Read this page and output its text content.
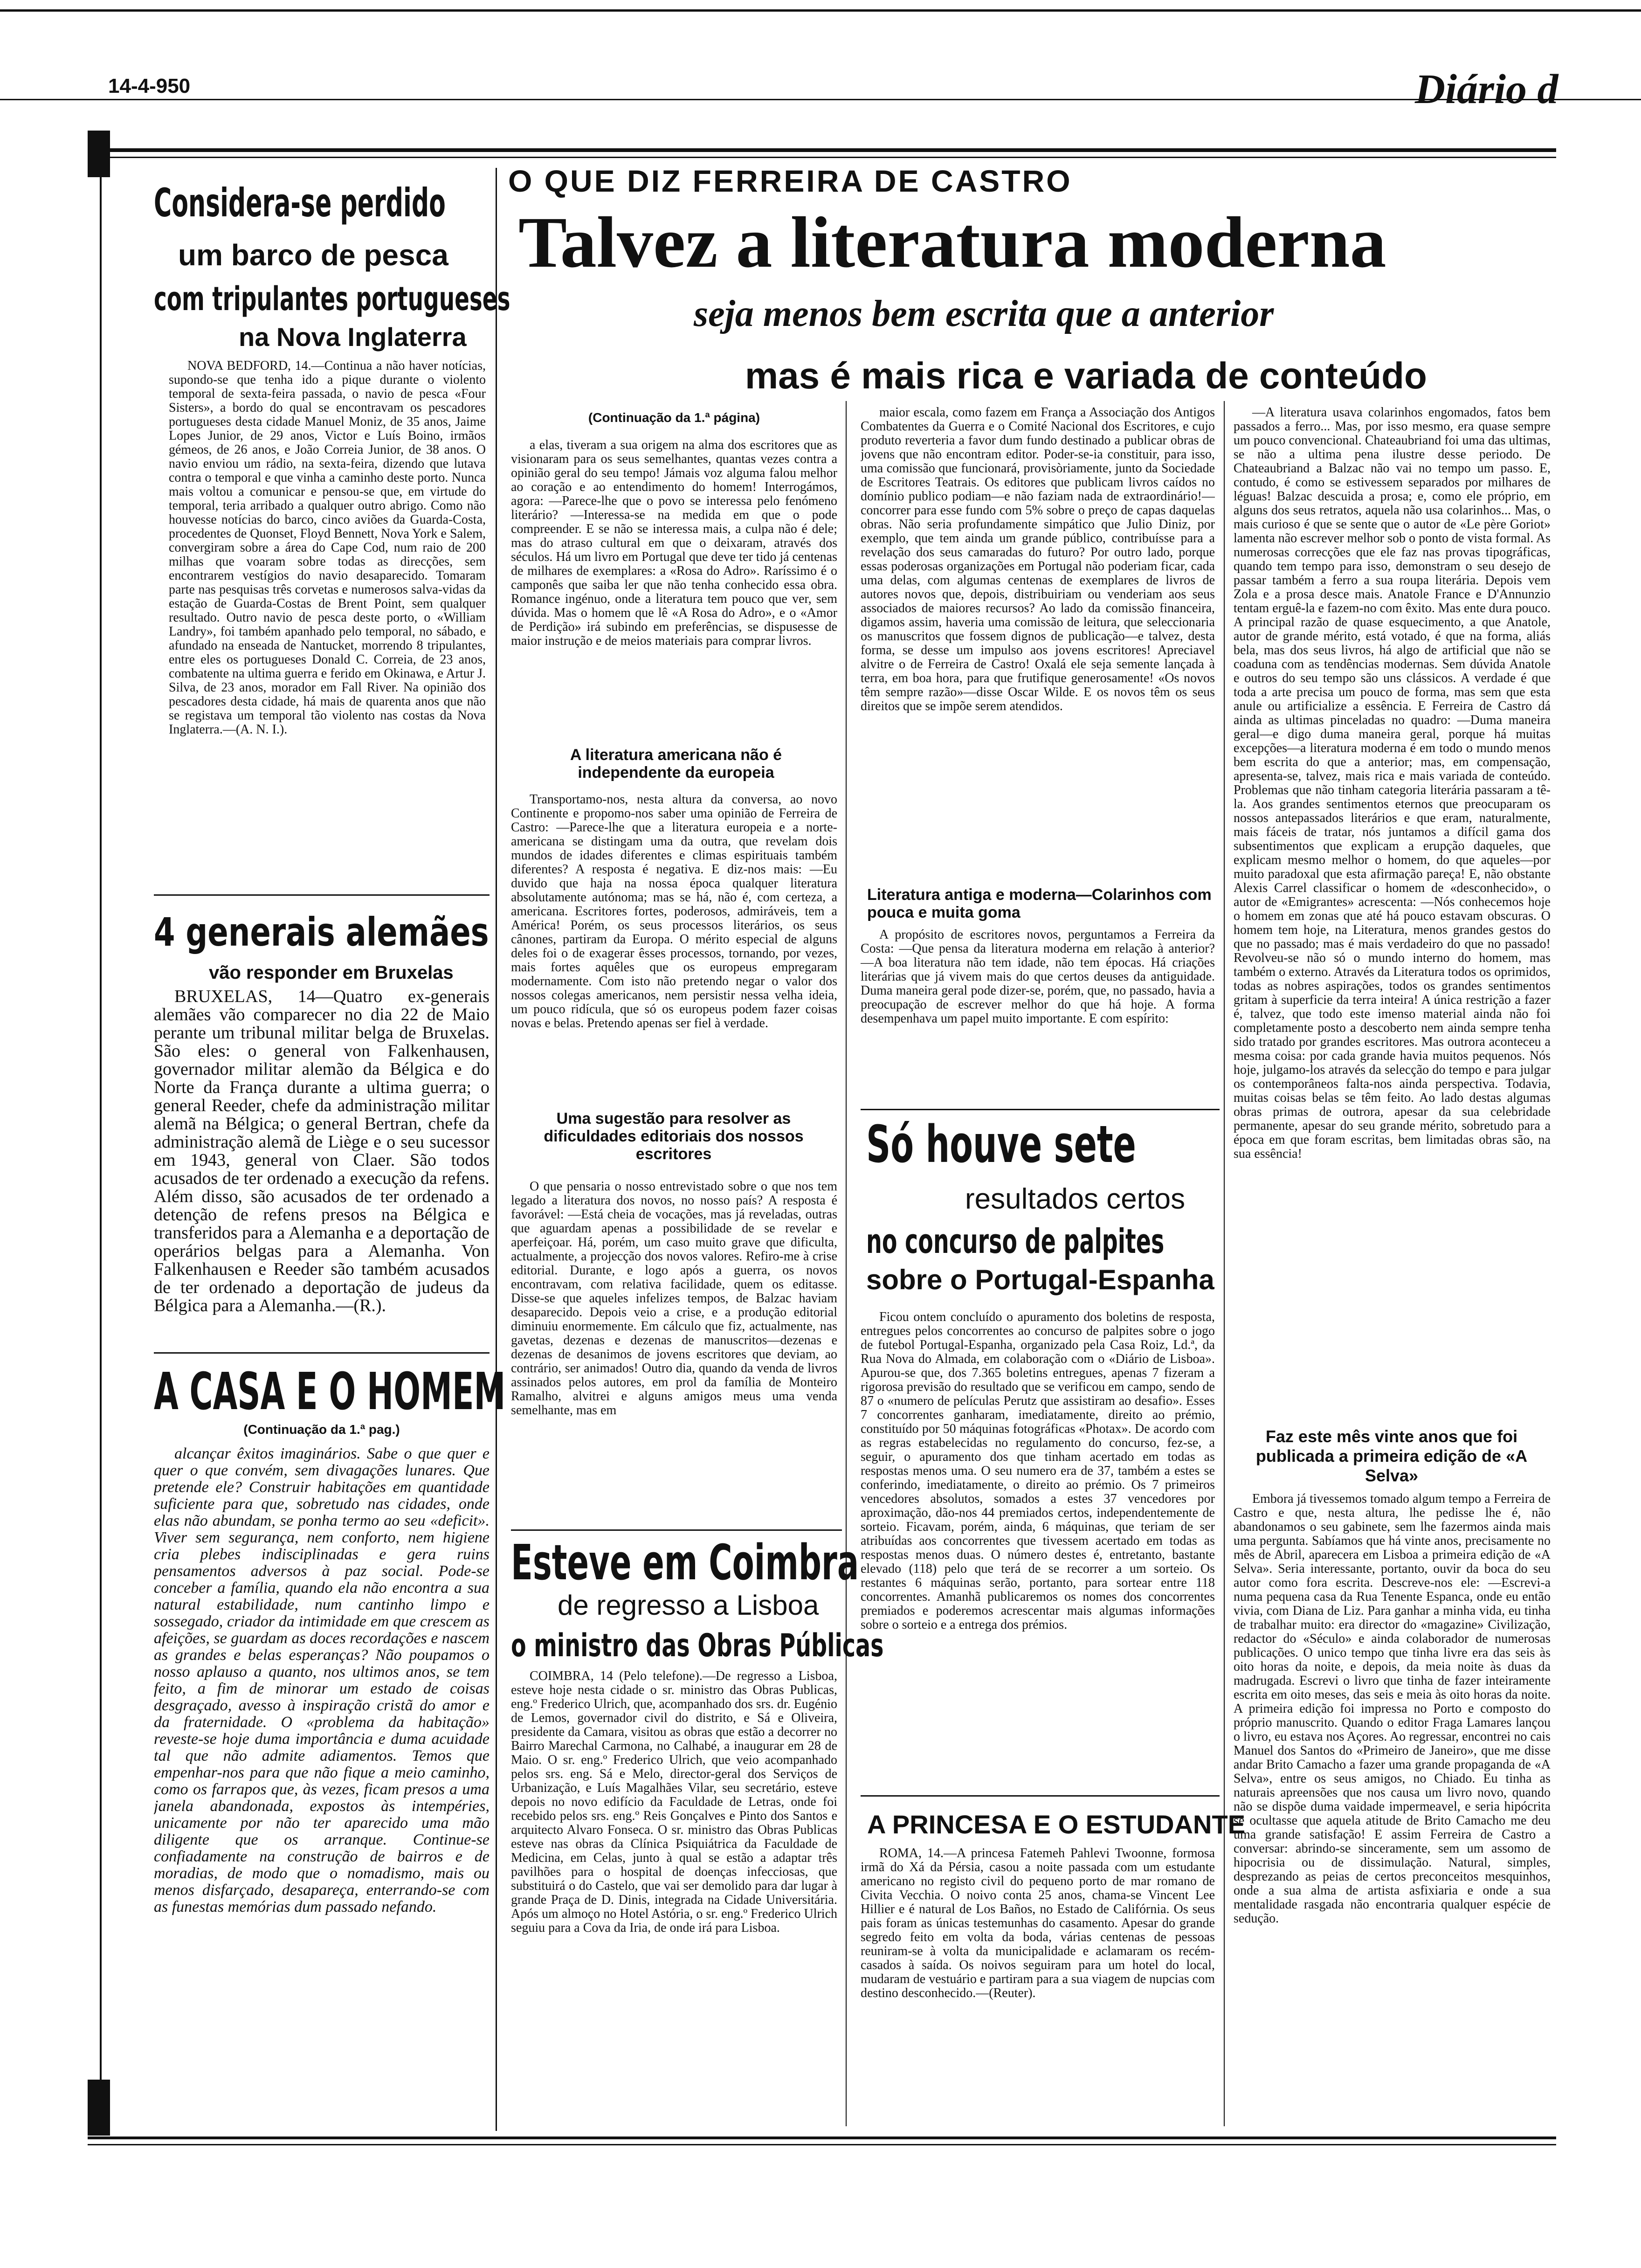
14-4-950	Diário d
O QUE DIZ FERREIRA DE CASTRO
Considera-se perdido
um barco de pesca
com tripulantes portugueses
na Nova Inglaterra

NOVA BEDFORD, 14.—Continua a não haver notícias, supondo-se que tenha ido a pique durante o violento temporal de sexta-feira passada, o navio de pesca «Four Sisters», a bordo do qual se encontravam os pescadores portugueses desta cidade Manuel Moniz, de 35 anos, Jaime Lopes Junior, de 29 anos, Victor e Luís Boino, irmãos gémeos, de 26 anos, e João Correia Junior, de 38 anos. O navio enviou um rádio, na sexta-feira, dizendo que lutava contra o temporal e que vinha a caminho deste porto. Nunca mais voltou a comunicar e pensou-se que, em virtude do temporal, teria arribado a qualquer outro abrigo. Como não houvesse notícias do barco, cinco aviões da Guarda-Costa, procedentes de Quonset, Floyd Bennett, Nova York e Salem, convergiram sobre a área do Cape Cod, num raio de 200 milhas que voaram sobre todas as direcções, sem encontrarem vestígios do navio desaparecido. Tomaram parte nas pesquisas três corvetas e numerosos salva-vidas da estação de Guarda-Costas de Brent Point, sem qualquer resultado. Outro navio de pesca deste porto, o «William Landry», foi também apanhado pelo temporal, no sábado, e afundado na enseada de Nantucket, morrendo 8 tripulantes, entre eles os portugueses Donald C. Correia, de 23 anos, combatente na ultima guerra e ferido em Okinawa, e Artur J. Silva, de 23 anos, morador em Fall River. Na opinião dos pescadores desta cidade, há mais de quarenta anos que não se registava um temporal tão violento nas costas da Nova Inglaterra.—(A. N. I.).

4 generais alemães
vão responder em Bruxelas

BRUXELAS, 14—Quatro ex-generais alemães vão comparecer no dia 22 de Maio perante um tribunal militar belga de Bruxelas. São eles: o general von Falkenhausen, governador militar alemão da Bélgica e do Norte da França durante a ultima guerra; o general Reeder, chefe da administração militar alemã na Bélgica; o general Bertran, chefe da administração alemã de Liège e o seu sucessor em 1943, general von Claer. São todos acusados de ter ordenado a execução da refens. Além disso, são acusados de ter ordenado a detenção de refens presos na Bélgica e transferidos para a Alemanha e a deportação de operários belgas para a Alemanha. Von Falkenhausen e Reeder são também acusados de ter ordenado a deportação de judeus da Bélgica para a Alemanha.—(R.).

A CASA E O HOMEM
(Continuação da 1.ª pag.)

alcançar êxitos imaginários. Sabe o que quer e quer o que convém, sem divagações lunares. Que pretende ele? Construir habitações em quantidade suficiente para que, sobretudo nas cidades, onde elas não abundam, se ponha termo ao seu «deficit». Viver sem segurança, nem conforto, nem higiene cria plebes indisciplinadas e gera ruins pensamentos adversos à paz social. Pode-se conceber a família, quando ela não encontra a sua natural estabilidade, num cantinho limpo e sossegado, criador da intimidade em que crescem as afeições, se guardam as doces recordações e nascem as grandes e belas esperanças? Não poupamos o nosso aplauso a quanto, nos ultimos anos, se tem feito, a fim de minorar um estado de coisas desgraçado, avesso à inspiração cristã do amor e da fraternidade. O «problema da habitação» reveste-se hoje duma importância e duma acuidade tal que não admite adiamentos. Temos que empenhar-nos para que não fique a meio caminho, como os farrapos que, às vezes, ficam presos a uma janela abandonada, expostos às intempéries, unicamente por não ter aparecido uma mão diligente que os arranque. Continue-se confiadamente na construção de bairros e de moradias, de modo que o nomadismo, mais ou menos disfarçado, desapareça, enterrando-se com as funestas memórias dum passado nefando.

Talvez a literatura moderna
seja menos bem escrita que a anterior
mas é mais rica e variada de conteúdo
(Continuação da 1.ª página)

a elas, tiveram a sua origem na alma dos escritores que as visionaram para os seus semelhantes, quantas vezes contra a opinião geral do seu tempo! Jámais voz alguma falou melhor ao coração e ao entendimento do homem! Interrogámos, agora: —Parece-lhe que o povo se interessa pelo fenómeno literário? —Interessa-se na medida em que o pode compreender. E se não se interessa mais, a culpa não é dele; mas do atraso cultural em que o deixaram, através dos séculos. Há um livro em Portugal que deve ter tido já centenas de milhares de exemplares: a «Rosa do Adro». Raríssimo é o camponês que saiba ler que não tenha conhecido essa obra. Romance ingénuo, onde a literatura tem pouco que ver, sem dúvida. Mas o homem que lê «A Rosa do Adro», e o «Amor de Perdição» irá subindo em preferências, se dispusesse de maior instrução e de meios materiais para comprar livros.

A literatura americana não é independente da europeia

Transportamo-nos, nesta altura da conversa, ao novo Continente e propomo-nos saber uma opinião de Ferreira de Castro: —Parece-lhe que a literatura europeia e a norte-americana se distingam uma da outra, que revelam dois mundos de idades diferentes e climas espirituais também diferentes? A resposta é negativa. E diz-nos mais: —Eu duvido que haja na nossa época qualquer literatura absolutamente autónoma; mas se há, não é, com certeza, a americana. Escritores fortes, poderosos, admiráveis, tem a América! Porém, os seus processos literários, os seus cânones, partiram da Europa. O mérito especial de alguns deles foi o de exagerar êsses processos, tornando, por vezes, mais fortes aquêles que os europeus empregaram modernamente. Com isto não pretendo negar o valor dos nossos colegas americanos, nem persistir nessa velha ideia, um pouco ridícula, que só os europeus podem fazer coisas novas e belas. Pretendo apenas ser fiel à verdade.

Uma sugestão para resolver as dificuldades editoriais dos nossos escritores

O que pensaria o nosso entrevistado sobre o que nos tem legado a literatura dos novos, no nosso país? A resposta é favorável: —Está cheia de vocações, mas já reveladas, outras que aguardam apenas a possibilidade de se revelar e aperfeiçoar. Há, porém, um caso muito grave que dificulta, actualmente, a projecção dos novos valores. Refiro-me à crise editorial. Durante, e logo após a guerra, os novos encontravam, com relativa facilidade, quem os editasse. Disse-se que aqueles infelizes tempos, de Balzac haviam desaparecido. Depois veio a crise, e a produção editorial diminuiu enormemente. Em cálculo que fiz, actualmente, nas gavetas, dezenas e dezenas de manuscritos—dezenas e dezenas de desanimos de jovens escritores que deviam, ao contrário, ser animados! Outro dia, quando da venda de livros assinados pelos autores, em prol da família de Monteiro Ramalho, alvitrei e alguns amigos meus uma venda semelhante, mas em

Esteve em Coimbra
de regresso a Lisboa
o ministro das Obras Públicas

COIMBRA, 14 (Pelo telefone).—De regresso a Lisboa, esteve hoje nesta cidade o sr. ministro das Obras Publicas, eng.º Frederico Ulrich, que, acompanhado dos srs. dr. Eugénio de Lemos, governador civil do distrito, e Sá e Oliveira, presidente da Camara, visitou as obras que estão a decorrer no Bairro Marechal Carmona, no Calhabé, a inaugurar em 28 de Maio. O sr. eng.º Frederico Ulrich, que veio acompanhado pelos srs. eng. Sá e Melo, director-geral dos Serviços de Urbanização, e Luís Magalhães Vilar, seu secretário, esteve depois no novo edifício da Faculdade de Letras, onde foi recebido pelos srs. eng.º Reis Gonçalves e Pinto dos Santos e arquitecto Alvaro Fonseca. O sr. ministro das Obras Publicas esteve nas obras da Clínica Psiquiátrica da Faculdade de Medicina, em Celas, junto à qual se estão a adaptar três pavilhões para o hospital de doenças infecciosas, que substituirá o do Castelo, que vai ser demolido para dar lugar à grande Praça de D. Dinis, integrada na Cidade Universitária. Após um almoço no Hotel Astória, o sr. eng.º Frederico Ulrich seguiu para a Cova da Iria, de onde irá para Lisboa.

maior escala, como fazem em França a Associação dos Antigos Combatentes da Guerra e o Comité Nacional dos Escritores, e cujo produto reverteria a favor dum fundo destinado a publicar obras de jovens que não encontram editor. Poder-se-ia constituir, para isso, uma comissão que funcionará, provisòriamente, junto da Sociedade de Escritores Teatrais. Os editores que publicam livros caídos no domínio publico podiam—e não faziam nada de extraordinário!—concorrer para esse fundo com 5% sobre o preço de capas daquelas obras. Não seria profundamente simpático que Julio Diniz, por exemplo, que tem ainda um grande público, contribuísse para a revelação dos seus camaradas do futuro? Por outro lado, porque essas poderosas organizações em Portugal não poderiam ficar, cada uma delas, com algumas centenas de exemplares de livros de autores novos que, depois, distribuiriam ou venderiam aos seus associados de maiores recursos? Ao lado da comissão financeira, digamos assim, haveria uma comissão de leitura, que seleccionaria os manuscritos que fossem dignos de publicação—e talvez, desta forma, se desse um impulso aos jovens escritores! Apreciavel alvitre o de Ferreira de Castro! Oxalá ele seja semente lançada à terra, em boa hora, para que frutifique generosamente! «Os novos têm sempre razão»—disse Oscar Wilde. E os novos têm os seus direitos que se impõe serem atendidos.

Literatura antiga e moderna—Colarinhos com pouca e muita goma

A propósito de escritores novos, perguntamos a Ferreira da Costa: —Que pensa da literatura moderna em relação à anterior? —A boa literatura não tem idade, não tem épocas. Há criações literárias que já vivem mais do que certos deuses da antiguidade. Duma maneira geral pode dizer-se, porém, que, no passado, havia a preocupação de escrever melhor do que há hoje. A forma desempenhava um papel muito importante. E com espírito:

Só houve sete
resultados certos
no concurso de palpites
sobre o Portugal-Espanha

Ficou ontem concluído o apuramento dos boletins de resposta, entregues pelos concorrentes ao concurso de palpites sobre o jogo de futebol Portugal-Espanha, organizado pela Casa Roiz, Ld.ª, da Rua Nova do Almada, em colaboração com o «Diário de Lisboa». Apurou-se que, dos 7.365 boletins entregues, apenas 7 fizeram a rigorosa previsão do resultado que se verificou em campo, sendo de 87 o «numero de películas Perutz que assistiram ao desafio». Esses 7 concorrentes ganharam, imediatamente, direito ao prémio, constituído por 50 máquinas fotográficas «Photax». De acordo com as regras estabelecidas no regulamento do concurso, fez-se, a seguir, o apuramento dos que tinham acertado em todas as respostas menos uma. O seu numero era de 37, também a estes se conferindo, imediatamente, o direito ao prémio. Os 7 primeiros vencedores absolutos, somados a estes 37 vencedores por aproximação, dão-nos 44 premiados certos, independentemente de sorteio. Ficavam, porém, ainda, 6 máquinas, que teriam de ser atribuídas aos concorrentes que tivessem acertado em todas as respostas menos duas. O número destes é, entretanto, bastante elevado (118) pelo que terá de se recorrer a um sorteio. Os restantes 6 máquinas serão, portanto, para sortear entre 118 concorrentes. Amanhã publicaremos os nomes dos concorrentes premiados e poderemos acrescentar mais algumas informações sobre o sorteio e a entrega dos prémios.

A PRINCESA E O ESTUDANTE

ROMA, 14.—A princesa Fatemeh Pahlevi Twoonne, formosa irmã do Xá da Pérsia, casou a noite passada com um estudante americano no registo civil do pequeno porto de mar romano de Civita Vecchia. O noivo conta 25 anos, chama-se Vincent Lee Hillier e é natural de Los Baños, no Estado de Califórnia. Os seus pais foram as únicas testemunhas do casamento. Apesar do grande segredo feito em volta da boda, várias centenas de pessoas reuniram-se à volta da municipalidade e aclamaram os recém-casados à saída. Os noivos seguiram para um hotel do local, mudaram de vestuário e partiram para a sua viagem de nupcias com destino desconhecido.—(Reuter).

—A literatura usava colarinhos engomados, fatos bem passados a ferro... Mas, por isso mesmo, era quase sempre um pouco convencional. Chateaubriand foi uma das ultimas, se não a ultima pena ilustre desse periodo. De Chateaubriand a Balzac não vai no tempo um passo. E, contudo, é como se estivessem separados por milhares de léguas! Balzac descuida a prosa; e, como ele próprio, em alguns dos seus retratos, aquela não usa colarinhos... Mas, o mais curioso é que se sente que o autor de «Le père Goriot» lamenta não escrever melhor sob o ponto de vista formal. As numerosas correcções que ele faz nas provas tipográficas, quando tem tempo para isso, demonstram o seu desejo de passar também a ferro a sua roupa literária. Depois vem Zola e a prosa desce mais. Anatole France e D'Annunzio tentam erguê-la e fazem-no com êxito. Mas ente dura pouco. A principal razão de quase esquecimento, a que Anatole, autor de grande mérito, está votado, é que na forma, aliás bela, mas dos seus livros, há algo de artificial que não se coaduna com as tendências modernas. Sem dúvida Anatole e outros do seu tempo são uns clássicos. A verdade é que toda a arte precisa um pouco de forma, mas sem que esta anule ou artificialize a essência. E Ferreira de Castro dá ainda as ultimas pinceladas no quadro: —Duma maneira geral—e digo duma maneira geral, porque há muitas excepções—a literatura moderna é em todo o mundo menos bem escrita do que a anterior; mas, em compensação, apresenta-se, talvez, mais rica e mais variada de conteúdo. Problemas que não tinham categoria literária passaram a tê-la. Aos grandes sentimentos eternos que preocuparam os nossos antepassados literários e que eram, naturalmente, mais fáceis de tratar, nós juntamos a difícil gama dos subsentimentos que explicam a erupção daqueles, que explicam mesmo melhor o homem, do que aqueles—por muito paradoxal que esta afirmação pareça! E, não obstante Alexis Carrel classificar o homem de «desconhecido», o autor de «Emigrantes» acrescenta: —Nós conhecemos hoje o homem em zonas que até há pouco estavam obscuras. O homem tem hoje, na Literatura, menos grandes gestos do que no passado; mas é mais verdadeiro do que no passado! Revolveu-se não só o mundo interno do homem, mas também o externo. Através da Literatura todos os oprimidos, todas as nobres aspirações, todos os grandes sentimentos gritam à superficie da terra inteira! A única restrição a fazer é, talvez, que todo este imenso material ainda não foi completamente posto a descoberto nem ainda sempre tenha sido tratado por grandes escritores. Mas outrora aconteceu a mesma coisa: por cada grande havia muitos pequenos. Nós hoje, julgamo-los através da selecção do tempo e para julgar os contemporâneos falta-nos ainda perspectiva. Todavia, muitas coisas belas se têm feito. Ao lado destas algumas obras primas de outrora, apesar da sua celebridade permanente, apesar do seu grande mérito, sobretudo para a época em que foram escritas, bem limitadas obras são, na sua essência!

Faz este mês vinte anos que foi publicada a primeira edição de «A Selva»

Embora já tivessemos tomado algum tempo a Ferreira de Castro e que, nesta altura, lhe pedisse lhe é, não abandonamos o seu gabinete, sem lhe fazermos ainda mais uma pergunta. Sabíamos que há vinte anos, precisamente no mês de Abril, aparecera em Lisboa a primeira edição de «A Selva». Seria interessante, portanto, ouvir da boca do seu autor como fora escrita. Descreve-nos ele: —Escrevi-a numa pequena casa da Rua Tenente Espanca, onde eu então vivia, com Diana de Liz. Para ganhar a minha vida, eu tinha de trabalhar muito: era director do «magazine» Civilização, redactor do «Século» e ainda colaborador de numerosas publicações. O unico tempo que tinha livre era das seis às oito horas da noite, e depois, da meia noite às duas da madrugada. Escrevi o livro que tinha de fazer inteiramente escrita em oito meses, das seis e meia às oito horas da noite. A primeira edição foi impressa no Porto e composto do próprio manuscrito. Quando o editor Fraga Lamares lançou o livro, eu estava nos Açores. Ao regressar, encontrei no cais Manuel dos Santos do «Primeiro de Janeiro», que me disse andar Brito Camacho a fazer uma grande propaganda de «A Selva», entre os seus amigos, no Chiado. Eu tinha as naturais apreensões que nos causa um livro novo, quando não se dispõe duma vaidade impermeavel, e seria hipócrita se ocultasse que aquela atitude de Brito Camacho me deu uma grande satisfação! E assim Ferreira de Castro a conversar: abrindo-se sinceramente, sem um assomo de hipocrisia ou de dissimulação. Natural, simples, desprezando as peias de certos preconceitos mesquinhos, onde a sua alma de artista asfixiaria e onde a sua mentalidade rasgada não encontraria qualquer espécie de sedução.
